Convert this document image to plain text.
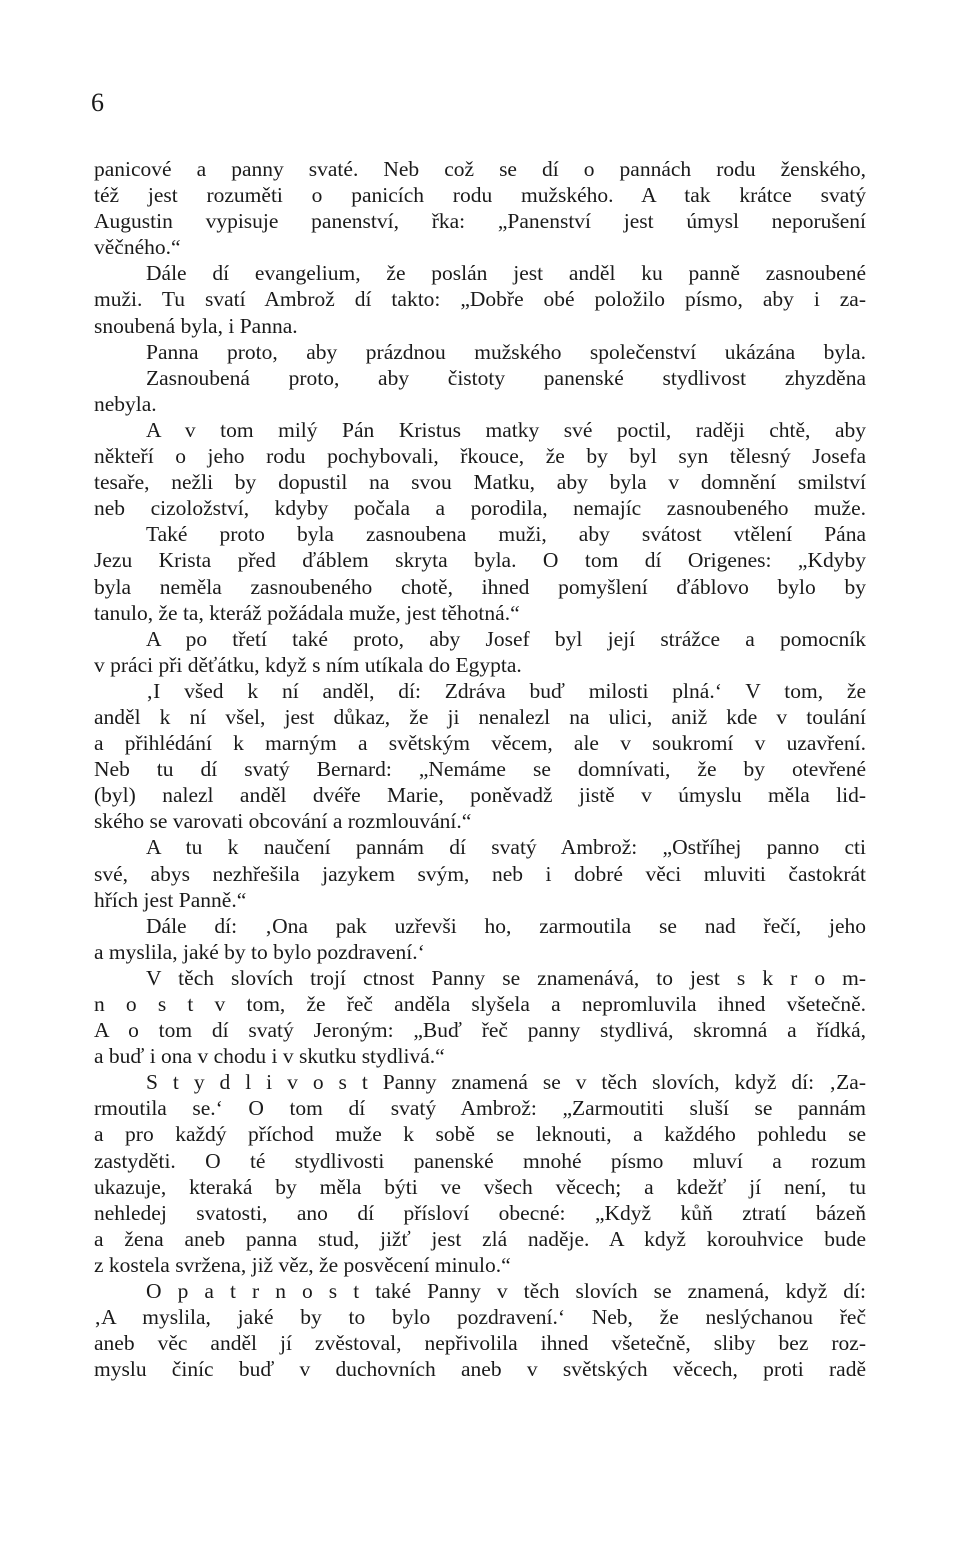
6
panicové a panny svaté. Neb což se dí o pannách rodu ženského,
též jest rozuměti o panicích rodu mužského. A tak krátce svatý
Augustin vypisuje panenství, řka: „Panenství jest úmysl neporušení
věčného.“
Dále dí evangelium, že poslán jest anděl ku panně zasnoubené
muži. Tu svatí Ambrož dí takto: „Dobře obé položilo písmo, aby i za-
snoubená byla, i Panna.
Panna proto, aby prázdnou mužského společenství ukázána byla.
Zasnoubená proto, aby čistoty panenské stydlivost zhyzděna
nebyla.
A v tom milý Pán Kristus matky své poctil, raději chtě, aby
někteří o jeho rodu pochybovali, řkouce, že by byl syn tělesný Josefa
tesaře, nežli by dopustil na svou Matku, aby byla v domnění smilství
neb cizoložství, kdyby počala a porodila, nemajíc zasnoubeného muže.
Také proto byla zasnoubena muži, aby svátost vtělení Pána
Jezu Krista před ďáblem skryta byla. O tom dí Origenes: „Kdyby
byla neměla zasnoubeného chotě, ihned pomyšlení ďáblovo bylo by
tanulo, že ta, kteráž požádala muže, jest těhotná.“
A po třetí také proto, aby Josef byl její strážce a pomocník
v práci při děťátku, když s ním utíkala do Egypta.
‚I všed k ní anděl, dí: Zdráva buď milosti plná.‘ V tom, že
anděl k ní všel, jest důkaz, že ji nenalezl na ulici, aniž kde v toulání
a přihlédání k marným a světským věcem, ale v soukromí v uzavření.
Neb tu dí svatý Bernard: „Nemáme se domnívati, že by otevřené
(byl) nalezl anděl dvéře Marie, poněvadž jistě v úmyslu měla lid-
ského se varovati obcování a rozmlouvání.“
A tu k naučení pannám dí svatý Ambrož: „Ostříhej panno cti
své, abys nezhřešila jazykem svým, neb i dobré věci mluviti častokrát
hřích jest Panně.“
Dále dí: ‚Ona pak uzřevši ho, zarmoutila se nad řečí, jeho
a myslila, jaké by to bylo pozdravení.‘
V těch slovích trojí ctnost Panny se znamenává, to jest s k r o m-
n o s t v tom, že řeč anděla slyšela a nepromluvila ihned všetečně.
A o tom dí svatý Jeroným: „Buď řeč panny stydlivá, skromná a řídká,
a buď i ona v chodu i v skutku stydlivá.“
S t y d l i v o s t Panny znamená se v těch slovích, když dí: ‚Za-
rmoutila se.‘ O tom dí svatý Ambrož: „Zarmoutiti sluší se pannám
a pro každý příchod muže k sobě se leknouti, a každého pohledu se
zastyděti. O té stydlivosti panenské mnohé písmo mluví a rozum
ukazuje, kteraká by měla býti ve všech věcech; a kdežť jí není, tu
nehledej svatosti, ano dí přísloví obecné: „Když kůň ztratí bázeň
a žena aneb panna stud, jižť jest zlá naděje. A když korouhvice bude
z kostela svržena, již věz, že posvěcení minulo.“
O p a t r n o s t také Panny v těch slovích se znamená, když dí:
‚A myslila, jaké by to bylo pozdravení.‘ Neb, že neslýchanou řeč
aneb věc anděl jí zvěstoval, nepřivolila ihned všetečně, sliby bez roz-
myslu činíc buď v duchovních aneb v světských věcech, proti radě
